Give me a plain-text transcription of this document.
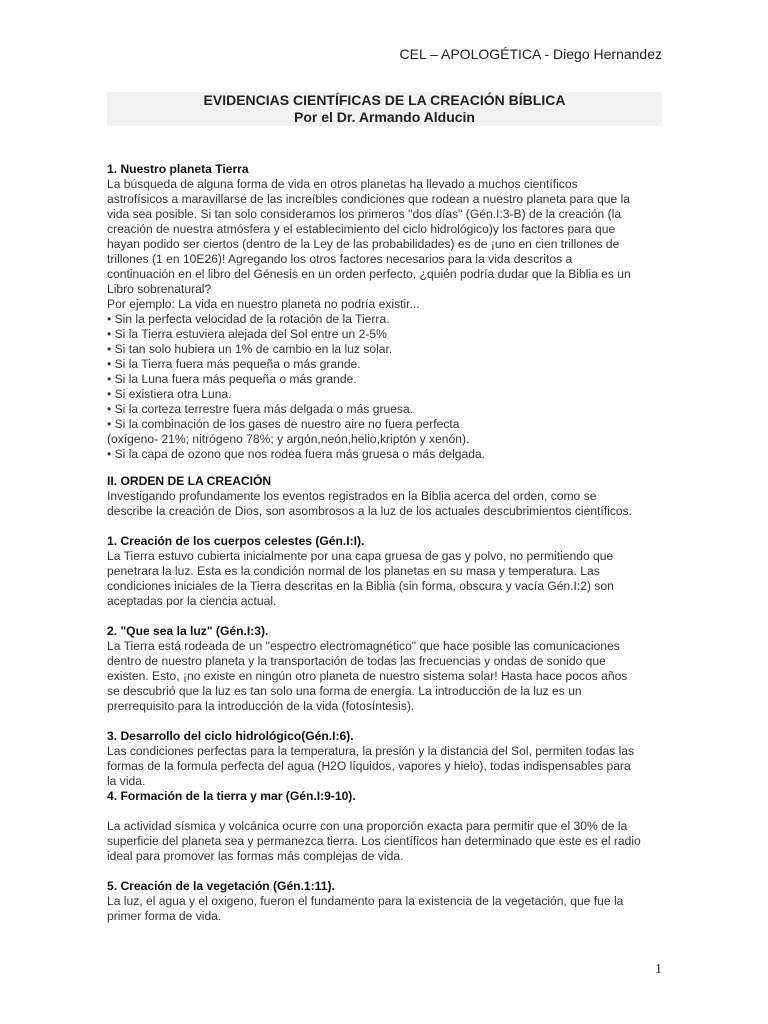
CEL – APOLOGÉTICA - Diego Hernandez
EVIDENCIAS CIENTÍFICAS DE LA CREACIÓN BÍBLICA
Por el Dr. Armando Alducin
1. Nuestro planeta Tierra
La búsqueda de alguna forma de vida en otros planetas ha llevado a muchos científicos
astrofísicos a maravillarse de las increíbles condiciones que rodean a nuestro planeta para que la
vida sea posible. Si tan solo consideramos los primeros "dos días" (Gén.I:3-B) de la creación (la
creación de nuestra atmósfera y el establecimiento del ciclo hidrológico)y los factores para que
hayan podido ser ciertos (dentro de la Ley de las probabilidades) es de ¡uno en cien trillones de
trillones (1 en 10E26)! Agregando los otros factores necesarios para la vida descritos a
continuación en el libro del Génesis en un orden perfecto, ¿quién podría dudar que la Biblia es un
Libro sobrenatural?
Por ejemplo: La vida en nuestro planeta no podría existir...
• Sin la perfecta velocidad de la rotación de la Tierra.
• Si la Tierra estuviera alejada del Sol entre un 2-5%
• Si tan solo hubiera un 1% de cambio en la luz solar.
• Si la Tierra fuera más pequeña o más grande.
• Si la Luna fuera más pequeña o más grande.
• Si existiera otra Luna.
• Si la corteza terrestre fuera más delgada o más gruesa.
• Si la combinación de los gases de nuestro aire no fuera perfecta
(oxígeno- 21%; nitrógeno 78%; y argón,neón,helio,kriptón y xenón).
• Si la capa de ozono que nos rodea fuera más gruesa o más delgada.
II. ORDEN DE LA CREACIÓN
Investigando profundamente los eventos registrados en la Biblia acerca del orden, como se
describe la creación de Dios, son asombrosos a la luz de los actuales descubrimientos científicos.
1. Creación de los cuerpos celestes (Gén.I:I).
La Tierra estuvo cubierta inicialmente por una capa gruesa de gas y polvo, no permitiendo que
penetrara la luz. Esta es la condición normal de los planetas en su masa y temperatura. Las
condiciones iniciales de la Tierra descritas en la Biblia (sin forma, obscura y vacía Gén.I:2) son
aceptadas por la ciencia actual.
2. "Que sea la luz" (Gén.I:3).
La Tierra está rodeada de un "espectro electromagnético" que hace posible las comunicaciones
dentro de nuestro planeta y la transportación de todas las frecuencias y ondas de sonido que
existen. Esto, ¡no existe en ningún otro planeta de nuestro sistema solar! Hasta hace pocos años
se descubrió que la luz es tan solo una forma de energía. La introducción de la luz es un
prerrequisito para la introducción de la vida (fotosíntesis).
3. Desarrollo del ciclo hidrológico(Gén.I:6).
Las condiciones perfectas para la temperatura, la presión y la distancia del Sol, permiten todas las
formas de la formula perfecta del agua (H2O líquidos, vapores y hielo), todas indispensables para
la vida.
4. Formación de la tierra y mar (Gén.I:9-10).
La actividad sísmica y volcánica ocurre con una proporción exacta para permitir que el 30% de la
superficie del planeta sea y permanezca tierra. Los científicos han determinado que este es el radio
ideal para promover las formas más complejas de vida.
5. Creación de la vegetación (Gén.1:11).
La luz, el agua y el oxigeno, fueron el fundamento para la existencia de la vegetación, que fue la
primer forma de vida.
1
